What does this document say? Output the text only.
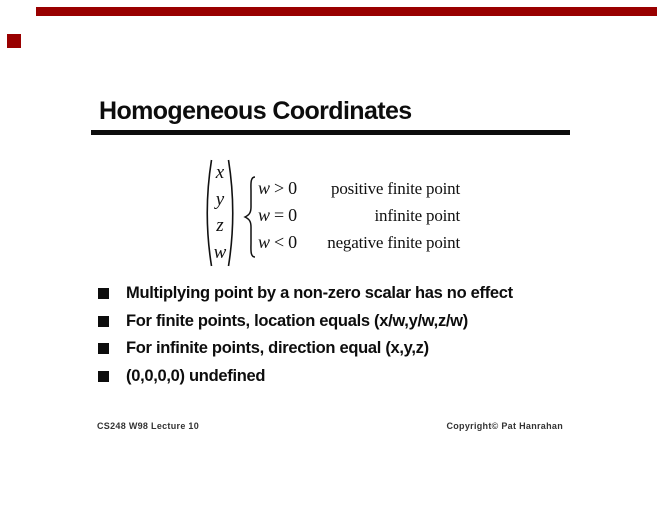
Homogeneous Coordinates
x
y
z
w
w > 0	positive finite point
w = 0	infinite point
w < 0	negative finite point
Multiplying point by a non-zero scalar has no effect
For finite points, location equals (x/w,y/w,z/w)
For infinite points, direction equal (x,y,z)
(0,0,0,0) undefined
CS248 W98 Lecture 10	Copyright© Pat Hanrahan
